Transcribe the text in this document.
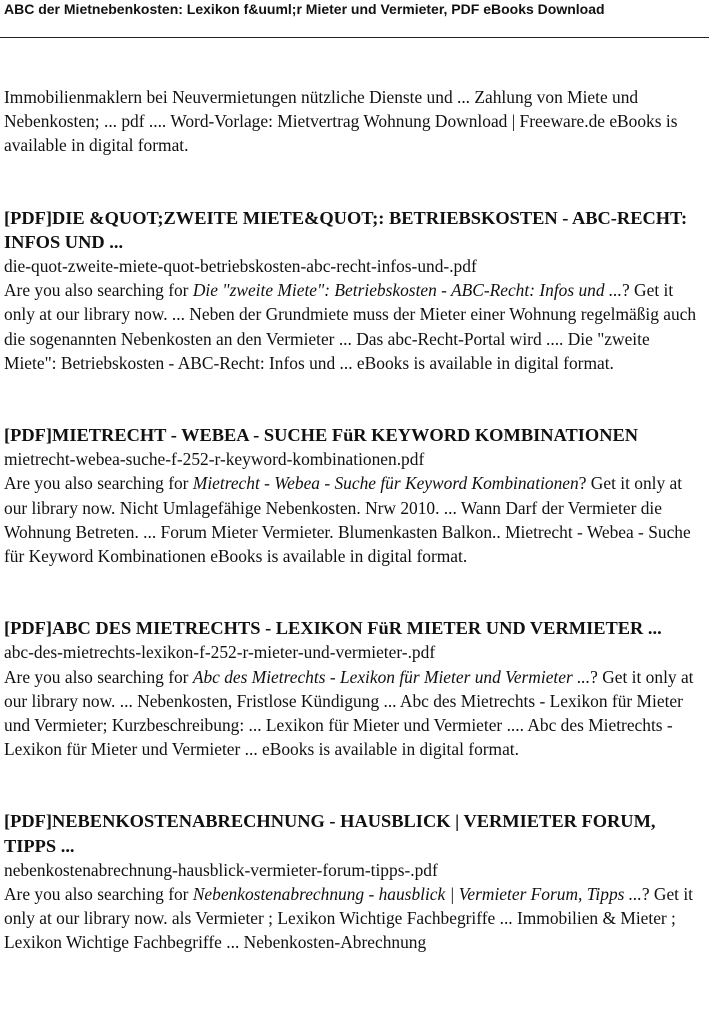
ABC der Mietnebenkosten: Lexikon f&uuml;r Mieter und Vermieter, PDF eBooks Download

Immobilienmaklern bei Neuvermietungen nützliche Dienste und ... Zahlung von Miete und Nebenkosten; ... pdf .... Word-Vorlage: Mietvertrag Wohnung Download | Freeware.de eBooks is available in digital format.

[PDF]DIE &QUOT;ZWEITE MIETE&QUOT;: BETRIEBSKOSTEN - ABC-RECHT: INFOS UND ...

die-quot-zweite-miete-quot-betriebskosten-abc-recht-infos-und-.pdf

Are you also searching for Die "zweite Miete": Betriebskosten - ABC-Recht: Infos und ...? Get it only at our library now. ... Neben der Grundmiete muss der Mieter einer Wohnung regelmäßig auch die sogenannten Nebenkosten an den Vermieter ... Das abc-Recht-Portal wird .... Die "zweite Miete": Betriebskosten - ABC-Recht: Infos und ... eBooks is available in digital format.

[PDF]MIETRECHT - WEBEA - SUCHE FüR KEYWORD KOMBINATIONEN

mietrecht-webea-suche-f-252-r-keyword-kombinationen.pdf

Are you also searching for Mietrecht - Webea - Suche für Keyword Kombinationen? Get it only at our library now. Nicht Umlagefähige Nebenkosten. Nrw 2010. ... Wann Darf der Vermieter die Wohnung Betreten. ... Forum Mieter Vermieter. Blumenkasten Balkon.. Mietrecht - Webea - Suche für Keyword Kombinationen eBooks is available in digital format.

[PDF]ABC DES MIETRECHTS - LEXIKON FüR MIETER UND VERMIETER ...

abc-des-mietrechts-lexikon-f-252-r-mieter-und-vermieter-.pdf

Are you also searching for Abc des Mietrechts - Lexikon für Mieter und Vermieter ...? Get it only at our library now. ... Nebenkosten, Fristlose Kündigung ... Abc des Mietrechts - Lexikon für Mieter und Vermieter; Kurzbeschreibung: ... Lexikon für Mieter und Vermieter .... Abc des Mietrechts - Lexikon für Mieter und Vermieter ... eBooks is available in digital format.

[PDF]NEBENKOSTENABRECHNUNG - HAUSBLICK | VERMIETER FORUM, TIPPS ...

nebenkostenabrechnung-hausblick-vermieter-forum-tipps-.pdf

Are you also searching for Nebenkostenabrechnung - hausblick | Vermieter Forum, Tipps ...? Get it only at our library now. als Vermieter ; Lexikon Wichtige Fachbegriffe ... Immobilien & Mieter ; Lexikon Wichtige Fachbegriffe ... Nebenkosten-Abrechnung
